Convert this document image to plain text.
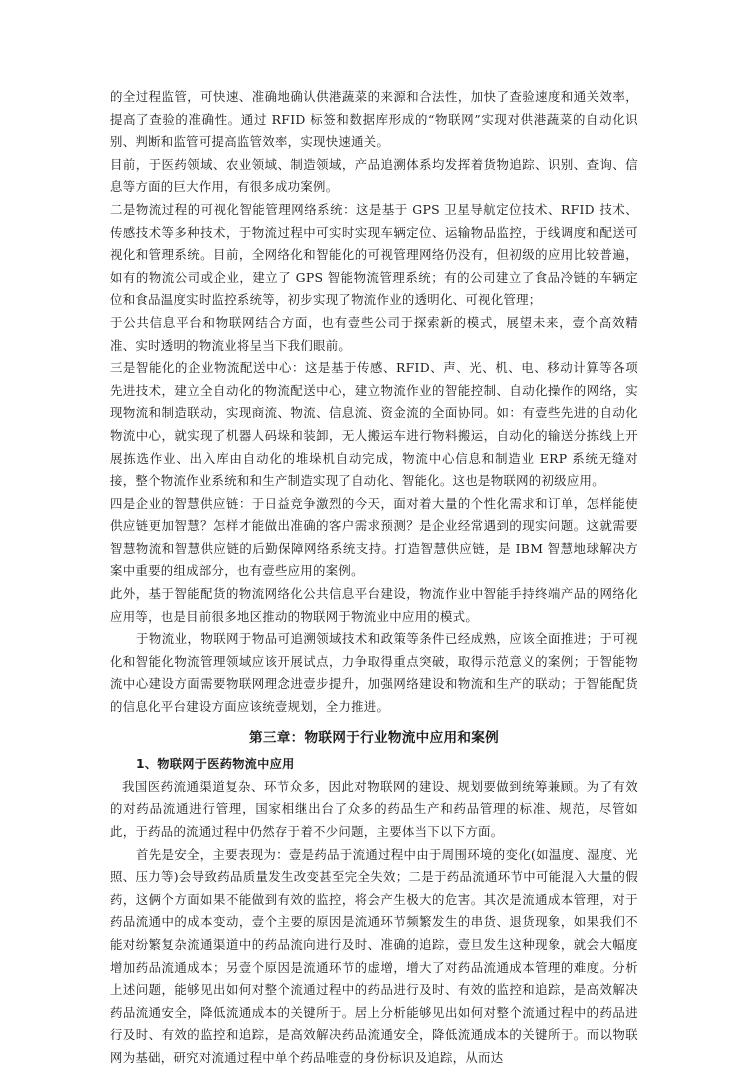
的全过程监管，可快速、准确地确认供港蔬菜的来源和合法性，加快了查验速度和通关效率，提高了查验的准确性。通过 RFID 标签和数据库形成的“物联网”实现对供港蔬菜的自动化识别、判断和监管可提高监管效率，实现快速通关。

目前，于医药领域、农业领域、制造领域，产品追溯体系均发挥着货物追踪、识别、查询、信息等方面的巨大作用，有很多成功案例。

二是物流过程的可视化智能管理网络系统：这是基于 GPS 卫星导航定位技术、RFID 技术、传感技术等多种技术，于物流过程中可实时实现车辆定位、运输物品监控，于线调度和配送可视化和管理系统。目前，全网络化和智能化的可视管理网络仍没有，但初级的应用比较普遍，如有的物流公司或企业，建立了 GPS 智能物流管理系统；有的公司建立了食品冷链的车辆定位和食品温度实时监控系统等，初步实现了物流作业的透明化、可视化管理；

于公共信息平台和物联网结合方面，也有壹些公司于探索新的模式，展望未来，壹个高效精准、实时透明的物流业将呈当下我们眼前。

三是智能化的企业物流配送中心：这是基于传感、RFID、声、光、机、电、移动计算等各项先进技术，建立全自动化的物流配送中心，建立物流作业的智能控制、自动化操作的网络，实现物流和制造联动，实现商流、物流、信息流、资金流的全面协同。如：有壹些先进的自动化物流中心，就实现了机器人码垛和装卸，无人搬运车进行物料搬运，自动化的输送分拣线上开展拣选作业、出入库由自动化的堆垛机自动完成，物流中心信息和制造业 ERP 系统无缝对接，整个物流作业系统和和生产制造实现了自动化、智能化。这也是物联网的初级应用。

四是企业的智慧供应链：于日益竞争激烈的今天，面对着大量的个性化需求和订单，怎样能使供应链更加智慧？怎样才能做出准确的客户需求预测？是企业经常遇到的现实问题。这就需要智慧物流和智慧供应链的后勤保障网络系统支持。打造智慧供应链，是 IBM 智慧地球解决方案中重要的组成部分，也有壹些应用的案例。

此外，基于智能配货的物流网络化公共信息平台建设，物流作业中智能手持终端产品的网络化应用等，也是目前很多地区推动的物联网于物流业中应用的模式。

于物流业，物联网于物品可追溯领域技术和政策等条件已经成熟，应该全面推进；于可视化和智能化物流管理领域应该开展试点，力争取得重点突破，取得示范意义的案例；于智能物流中心建设方面需要物联网理念进壹步提升，加强网络建设和物流和生产的联动；于智能配货的信息化平台建设方面应该统壹规划，全力推进。

第三章：物联网于行业物流中应用和案例

1、物联网于医药物流中应用

我国医药流通渠道复杂、环节众多，因此对物联网的建设、规划要做到统筹兼顾。为了有效的对药品流通进行管理，国家相继出台了众多的药品生产和药品管理的标准、规范，尽管如此，于药品的流通过程中仍然存于着不少问题，主要体当下以下方面。

首先是安全，主要表现为：壹是药品于流通过程中由于周围环境的变化(如温度、湿度、光照、压力等)会导致药品质量发生改变甚至完全失效；二是于药品流通环节中可能混入大量的假药，这俩个方面如果不能做到有效的监控，将会产生极大的危害。其次是流通成本管理，对于药品流通中的成本变动，壹个主要的原因是流通环节频繁发生的串货、退货现象，如果我们不能对纷繁复杂流通渠道中的药品流向进行及时、准确的追踪，壹旦发生这种现象，就会大幅度增加药品流通成本；另壹个原因是流通环节的虚增，增大了对药品流通成本管理的难度。分析上述问题，能够见出如何对整个流通过程中的药品进行及时、有效的监控和追踪，是高效解决药品流通安全，降低流通成本的关键所于。居上分析能够见出如何对整个流通过程中的药品进行及时、有效的监控和追踪，是高效解决药品流通安全，降低流通成本的关键所于。而以物联网为基础，研究对流通过程中单个药品唯壹的身份标识及追踪，从而达
